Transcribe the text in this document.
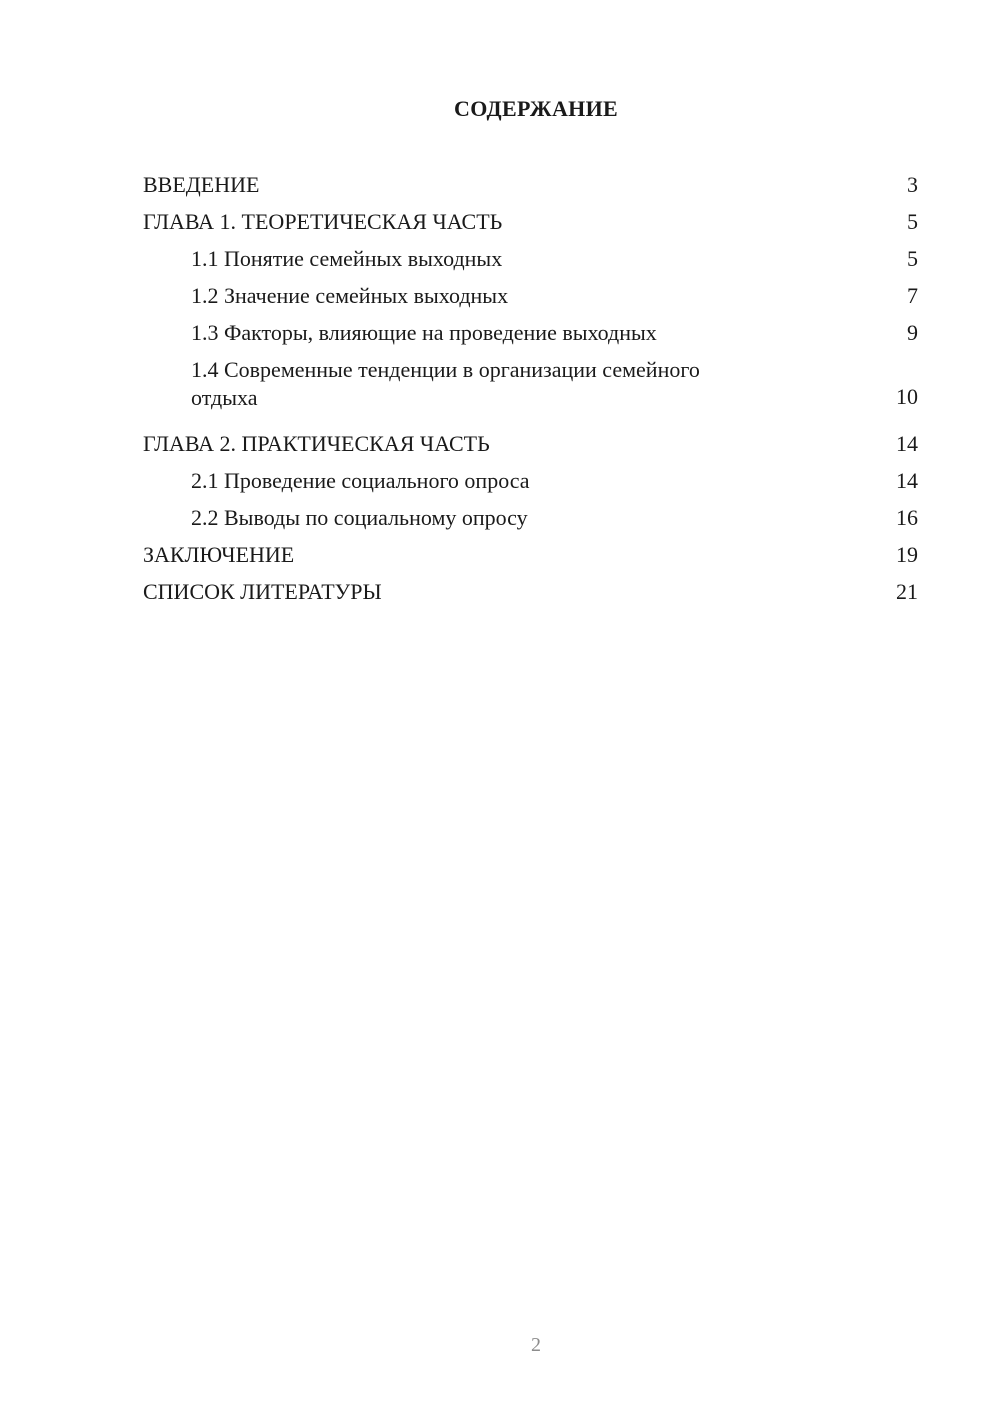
СОДЕРЖАНИЕ
ВВЕДЕНИЕ	3
ГЛАВА 1. ТЕОРЕТИЧЕСКАЯ ЧАСТЬ	5
1.1 Понятие семейных выходных	5
1.2 Значение семейных выходных	7
1.3 Факторы, влияющие на проведение выходных	9
1.4 Современные тенденции в организации семейного отдыха	10
ГЛАВА 2. ПРАКТИЧЕСКАЯ ЧАСТЬ	14
2.1 Проведение социального опроса	14
2.2 Выводы по социальному опросу	16
ЗАКЛЮЧЕНИЕ	19
СПИСОК ЛИТЕРАТУРЫ	21
2
